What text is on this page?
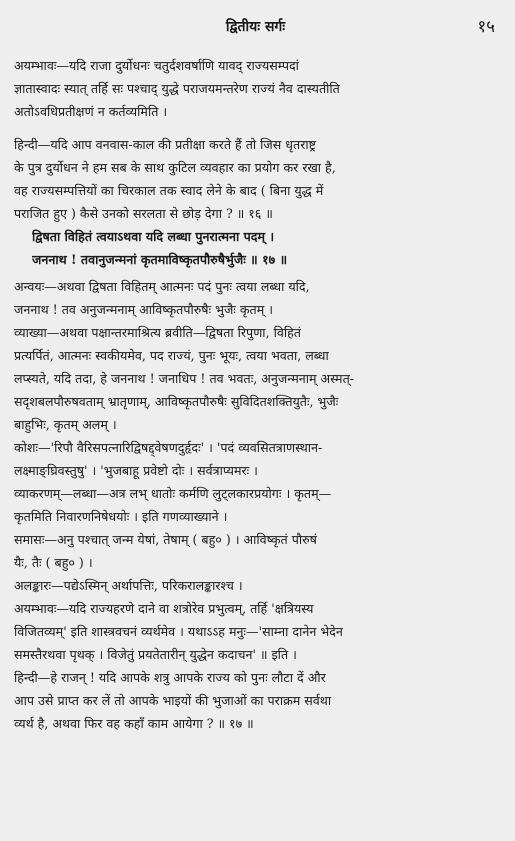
द्वितीयः सर्गः	१५
अयम्भावः—यदि राजा दुर्योधनः चतुर्दशवर्षाणि यावद् राज्यसम्पदां
ज्ञातास्वादः स्यात् तर्हि सः पश्चाद् युद्धे पराजयमन्तरेण राज्यं नैव दास्यतीति
अतोऽवधिप्रतीक्षणं न कर्तव्यमिति ।
हिन्दी—यदि आप वनवास-काल की प्रतीक्षा करते हैं तो जिस धृतराष्ट्र
के पुत्र दुर्योधन ने हम सब के साथ कुटिल व्यवहार का प्रयोग कर रखा है,
वह राज्यसम्पत्तियों का चिरकाल तक स्वाद लेने के बाद ( बिना युद्ध में
पराजित हुए ) कैसे उनको सरलता से छोड़ देगा ? ॥ १६ ॥
द्विषता विहितं त्वयाऽथवा यदि लब्धा पुनरात्मना पदम् ।
जननाथ ! तवानुजन्मनां कृतमाविष्कृतपौरुषैर्भुजैः ॥ १७ ॥
अन्वयः—अथवा द्विषता विहितम् आत्मनः पदं पुनः त्वया लब्धा यदि,
जननाथ ! तव अनुजन्मनाम् आविष्कृतपौरुषैः भुजैः कृतम् ।
व्याख्या—अथवा पक्षान्तरमाश्रित्य ब्रवीति—द्विषता रिपुणा, विहितं
प्रत्यर्पितं, आत्मनः स्वकीयमेव, पद राज्यं, पुनः भूयः, त्वया भवता, लब्धा
लप्स्यते, यदि तदा, हे जननाथ ! जनाधिप ! तव भवतः, अनुजन्मनाम् अस्मत्-
सदृशबलपौरुषवताम् भ्रातृणाम्, आविष्कृतपौरुषैः सुविदितशक्तियुतैः, भुजैः
बाहुभिः, कृतम् अलम् ।
कोशः—'रिपौ वैरिसपत्नारिद्विषद्द्वेषणदुर्हृदः' । 'पदं व्यवसितत्राणस्थान-
लक्ष्माङ्घ्रिवस्तुषु' । 'भुजबाहू प्रवेष्टो दोः । सर्वत्राप्यमरः ।
व्याकरणम्—लब्धा—अत्र लभ् धातोः कर्मणि लुट्लकारप्रयोगः । कृतम्—
कृतमिति निवारणनिषेधयोः । इति गणव्याख्याने ।
समासः—अनु पश्चात् जन्म येषां, तेषाम् ( बहु० ) । आविष्कृतं पौरुषं
यैः, तैः ( बहु० ) ।
अलङ्कारः—पद्येऽस्मिन् अर्थापत्तिः, परिकरालङ्कारश्च ।
अयम्भावः—यदि राज्यहरणे दाने वा शत्रोरेव प्रभुत्वम्, तर्हि 'क्षत्रियस्य
विजितव्यम्' इति शास्त्रवचनं व्यर्थमेव । यथाऽऽह मनुः—'साम्ना दानेन भेदेन
समस्तैरथवा पृथक् । विजेतुं प्रयतेतारीन् युद्धेन कदाचन' ॥ इति ।
हिन्दी—हे राजन् ! यदि आपके शत्रु आपके राज्य को पुनः लौटा दें और
आप उसे प्राप्त कर लें तो आपके भाइयों की भुजाओं का पराक्रम सर्वथा
व्यर्थ है, अथवा फिर वह कहाँ काम आयेगा ? ॥ १७ ॥
